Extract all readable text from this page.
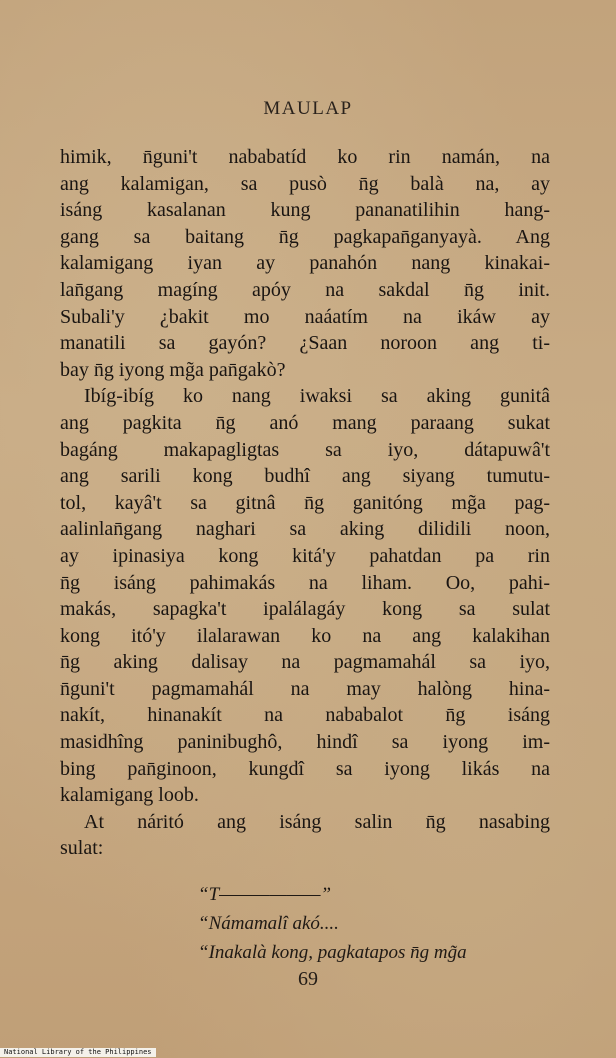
MAULAP
himik, n̄guni't nababatíd ko rin namán, na
ang kalamigan, sa pusò n̄g balà na, ay
isáng kasalanan kung pananatilihin hang-
gang sa baitang n̄g pagkapan̄ganyayà. Ang
kalamigang iyan ay panahón nang kinakai-
lan̄gang magíng apóy na sakdal n̄g init.
Subali'y ¿bakit mo naáatím na ikáw ay
manatili sa gayón? ¿Saan noroon ang ti-
bay n̄g iyong mg̃a pan̄gakò?
Ibíg-ibíg ko nang iwaksi sa aking gunitâ
ang pagkita n̄g anó mang paraang sukat
bagáng makapagligtas sa iyo, dátapuwâ't
ang sarili kong budhî ang siyang tumutu-
tol, kayâ't sa gitnâ n̄g ganitóng mg̃a pag-
aalinlan̄gang naghari sa aking dilidili noon,
ay ipinasiya kong kitá'y pahatdan pa rin
n̄g isáng pahimakás na liham. Oo, pahi-
makás, sapagka't ipalálagáy kong sa sulat
kong itó'y ilalarawan ko na ang kalakihan
n̄g aking dalisay na pagmamahál sa iyo,
n̄guni't pagmamahál na may halòng hina-
nakít, hinanakít na nababalot n̄g isáng
masidhîng paninibughô, hindî sa iyong im-
bing pan̄ginoon, kungdî sa iyong likás na
kalamigang loob.
At náritó ang isáng salin n̄g nasabing
sulat:
“T——————”
“Námamalî akó....
“Inakalà kong, pagkatapos n̄g mg̃a
69
National Library of the Philippines
